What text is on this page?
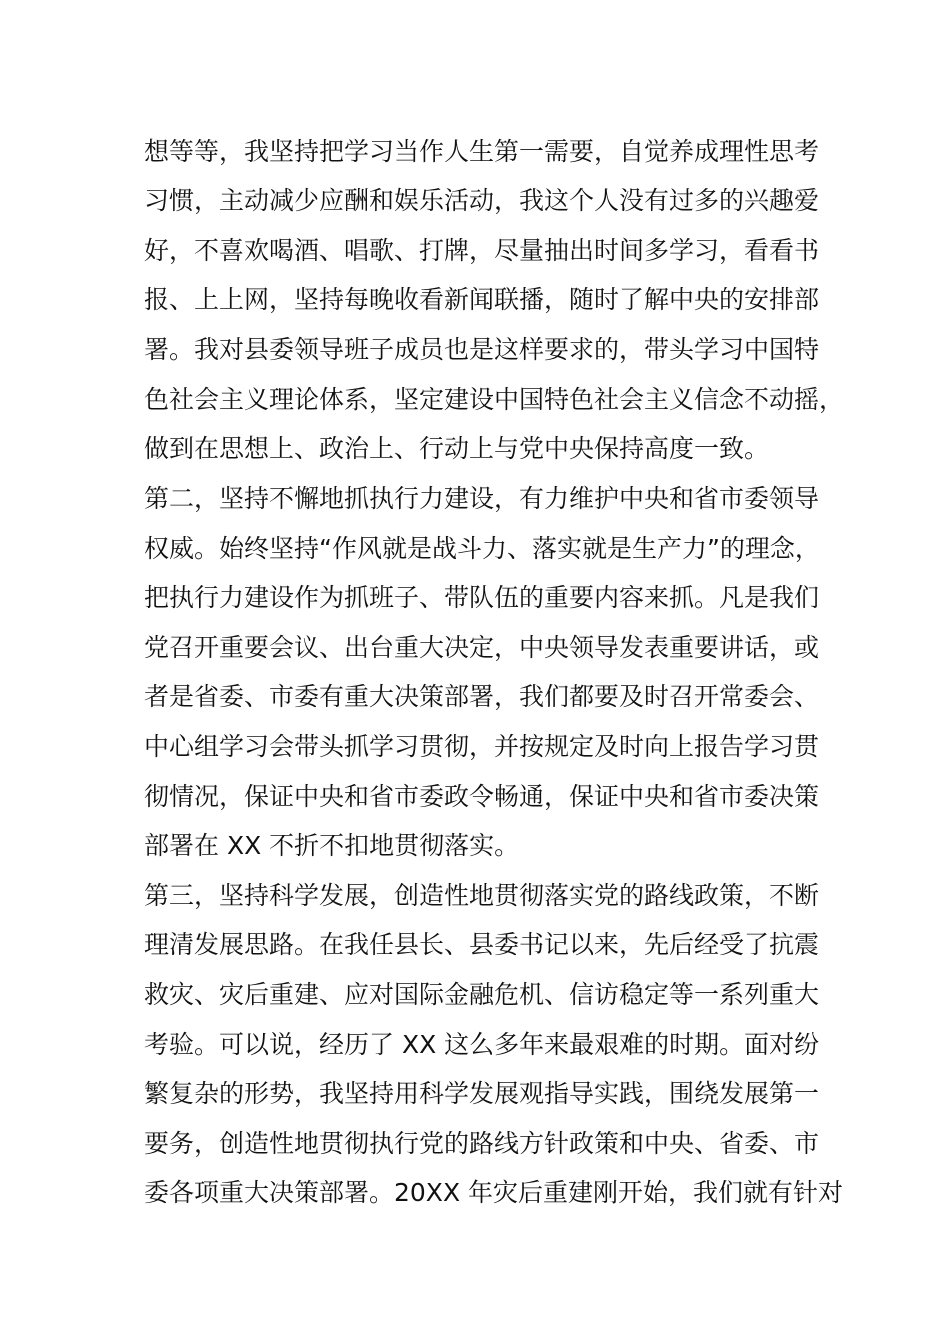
想等等，我坚持把学习当作人生第一需要，自觉养成理性思考
习惯，主动减少应酬和娱乐活动，我这个人没有过多的兴趣爱
好，不喜欢喝酒、唱歌、打牌，尽量抽出时间多学习，看看书
报、上上网，坚持每晚收看新闻联播，随时了解中央的安排部
署。我对县委领导班子成员也是这样要求的，带头学习中国特
色社会主义理论体系，坚定建设中国特色社会主义信念不动摇，
做到在思想上、政治上、行动上与党中央保持高度一致。
第二，坚持不懈地抓执行力建设，有力维护中央和省市委领导
权威。始终坚持“作风就是战斗力、落实就是生产力”的理念，
把执行力建设作为抓班子、带队伍的重要内容来抓。凡是我们
党召开重要会议、出台重大决定，中央领导发表重要讲话，或
者是省委、市委有重大决策部署，我们都要及时召开常委会、
中心组学习会带头抓学习贯彻，并按规定及时向上报告学习贯
彻情况，保证中央和省市委政令畅通，保证中央和省市委决策
部署在 XX 不折不扣地贯彻落实。
第三，坚持科学发展，创造性地贯彻落实党的路线政策，不断
理清发展思路。在我任县长、县委书记以来，先后经受了抗震
救灾、灾后重建、应对国际金融危机、信访稳定等一系列重大
考验。可以说，经历了 XX 这么多年来最艰难的时期。面对纷
繁复杂的形势，我坚持用科学发展观指导实践，围绕发展第一
要务，创造性地贯彻执行党的路线方针政策和中央、省委、市
委各项重大决策部署。20XX 年灾后重建刚开始，我们就有针对
